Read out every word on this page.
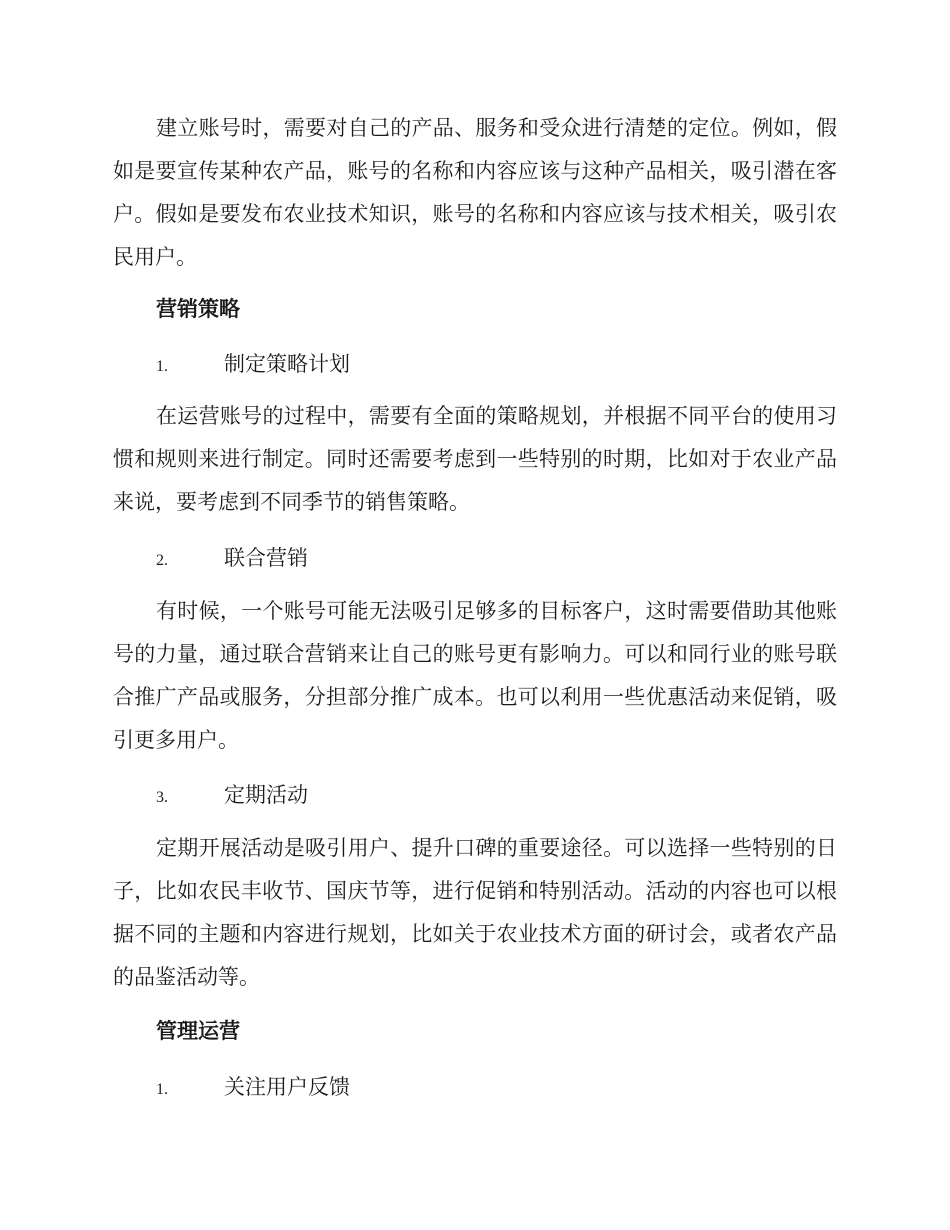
建立账号时，需要对自己的产品、服务和受众进行清楚的定位。例如，假如是要宣传某种农产品，账号的名称和内容应该与这种产品相关，吸引潜在客户。假如是要发布农业技术知识，账号的名称和内容应该与技术相关，吸引农民用户。

营销策略
1.	制定策略计划

在运营账号的过程中，需要有全面的策略规划，并根据不同平台的使用习惯和规则来进行制定。同时还需要考虑到一些特别的时期，比如对于农业产品来说，要考虑到不同季节的销售策略。

2.	联合营销

有时候，一个账号可能无法吸引足够多的目标客户，这时需要借助其他账号的力量，通过联合营销来让自己的账号更有影响力。可以和同行业的账号联合推广产品或服务，分担部分推广成本。也可以利用一些优惠活动来促销，吸引更多用户。

3.	定期活动

定期开展活动是吸引用户、提升口碑的重要途径。可以选择一些特别的日子，比如农民丰收节、国庆节等，进行促销和特别活动。活动的内容也可以根据不同的主题和内容进行规划，比如关于农业技术方面的研讨会，或者农产品的品鉴活动等。

管理运营
1.	关注用户反馈
